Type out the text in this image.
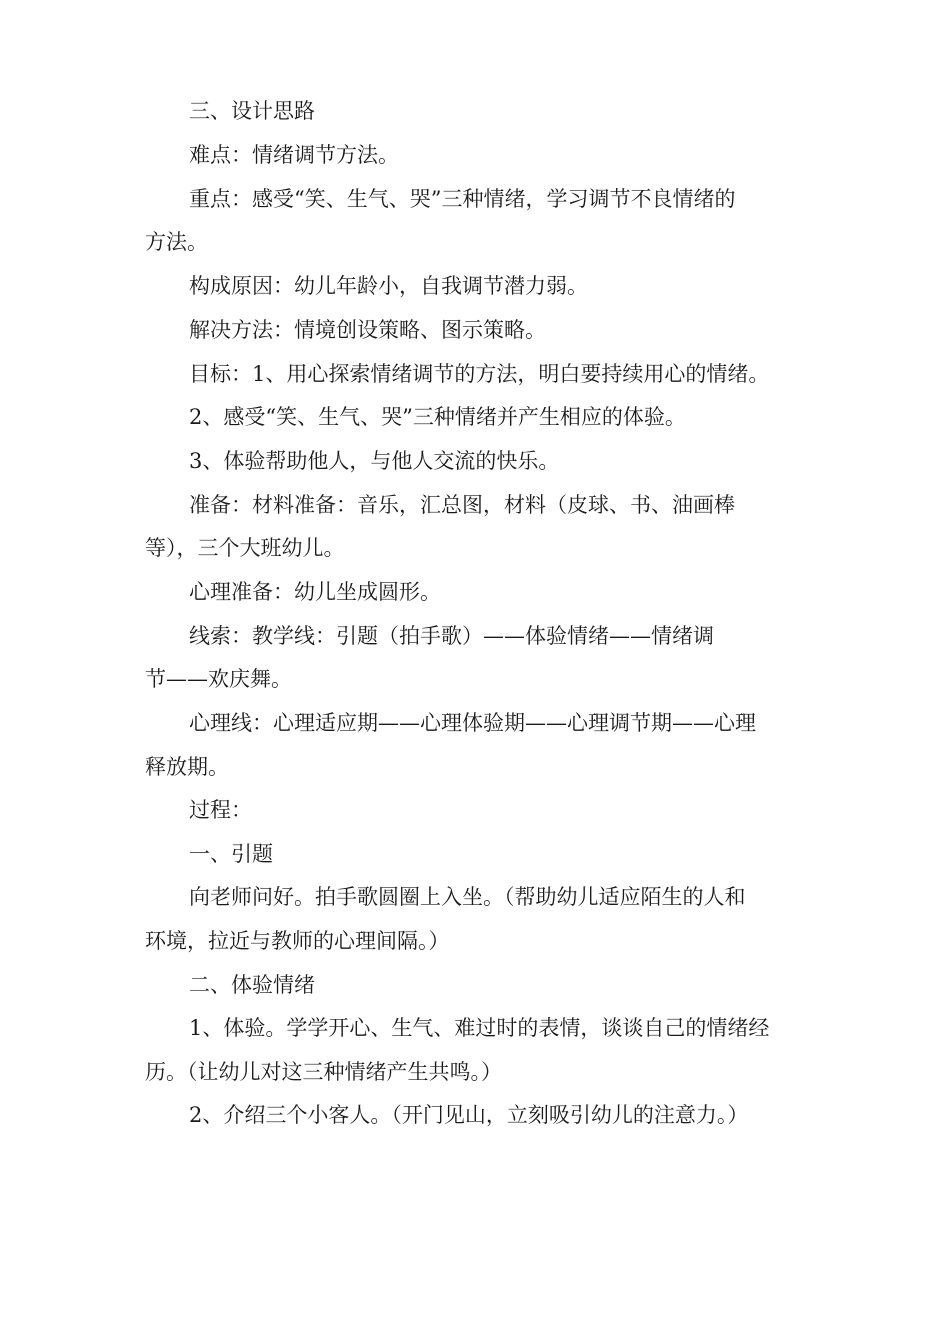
三、设计思路
难点：情绪调节方法。
重点：感受“笑、生气、哭”三种情绪，学习调节不良情绪的
方法。
构成原因：幼儿年龄小，自我调节潜力弱。
解决方法：情境创设策略、图示策略。
目标：1、用心探索情绪调节的方法，明白要持续用心的情绪。
2、感受“笑、生气、哭”三种情绪并产生相应的体验。
3、体验帮助他人，与他人交流的快乐。
准备：材料准备：音乐，汇总图，材料（皮球、书、油画棒
等），三个大班幼儿。
心理准备：幼儿坐成圆形。
线索：教学线：引题（拍手歌）——体验情绪——情绪调
节——欢庆舞。
心理线：心理适应期——心理体验期——心理调节期——心理
释放期。
过程：
一、引题
向老师问好。拍手歌圆圈上入坐。（帮助幼儿适应陌生的人和
环境，拉近与教师的心理间隔。）
二、体验情绪
1、体验。学学开心、生气、难过时的表情，谈谈自己的情绪经
历。（让幼儿对这三种情绪产生共鸣。）
2、介绍三个小客人。（开门见山，立刻吸引幼儿的注意力。）
